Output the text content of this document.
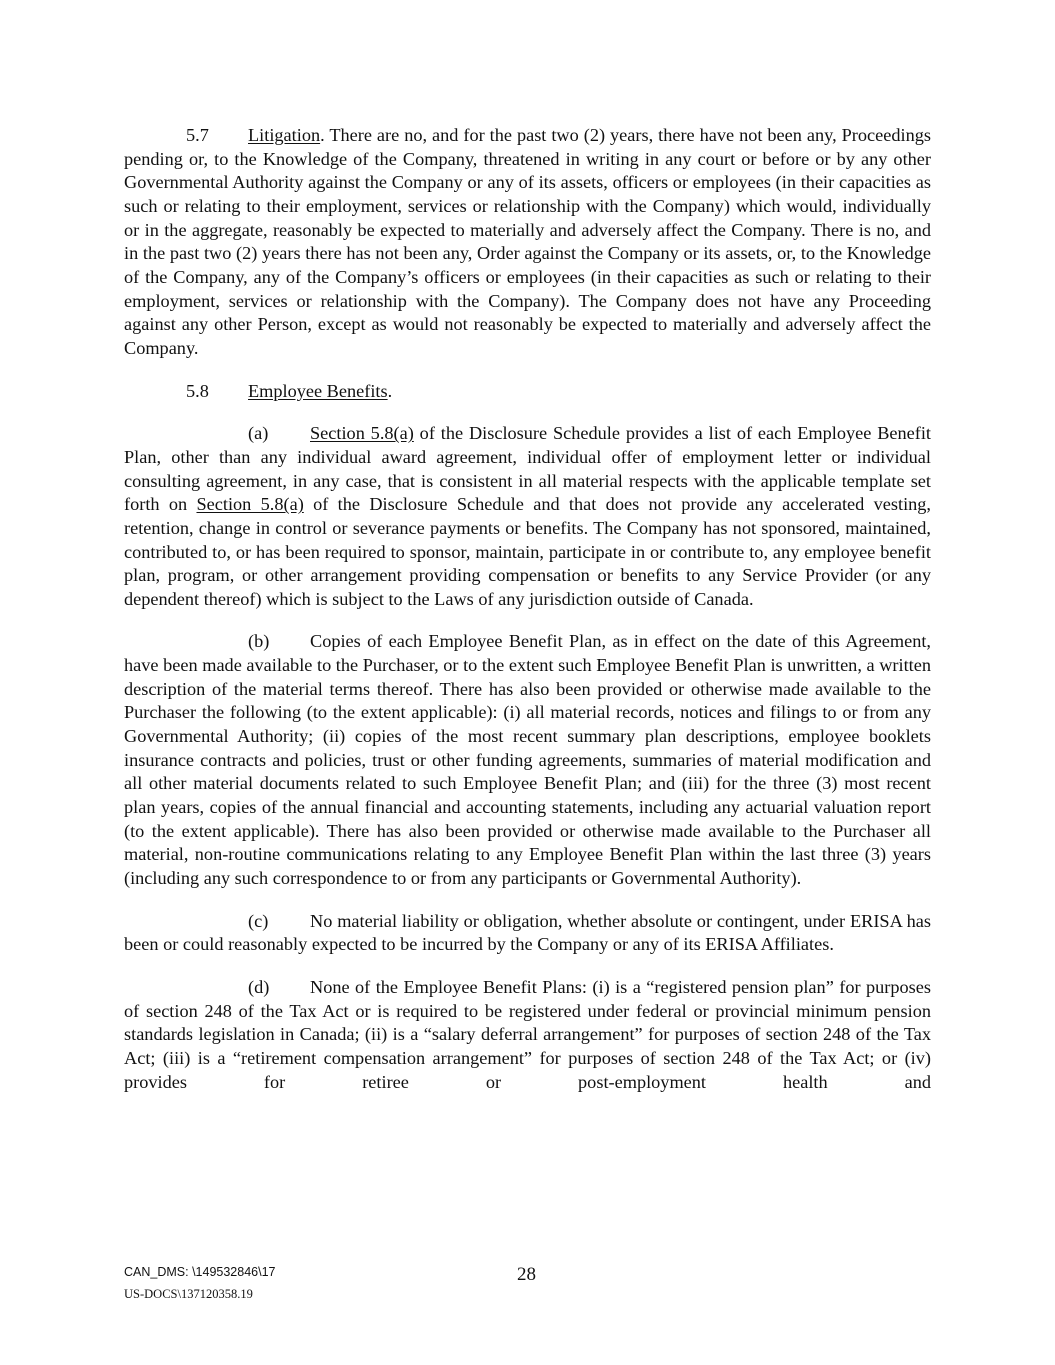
5.7 Litigation. There are no, and for the past two (2) years, there have not been any, Proceedings pending or, to the Knowledge of the Company, threatened in writing in any court or before or by any other Governmental Authority against the Company or any of its assets, officers or employees (in their capacities as such or relating to their employment, services or relationship with the Company) which would, individually or in the aggregate, reasonably be expected to materially and adversely affect the Company. There is no, and in the past two (2) years there has not been any, Order against the Company or its assets, or, to the Knowledge of the Company, any of the Company’s officers or employees (in their capacities as such or relating to their employment, services or relationship with the Company). The Company does not have any Proceeding against any other Person, except as would not reasonably be expected to materially and adversely affect the Company.

5.8 Employee Benefits.

(a) Section 5.8(a) of the Disclosure Schedule provides a list of each Employee Benefit Plan, other than any individual award agreement, individual offer of employment letter or individual consulting agreement, in any case, that is consistent in all material respects with the applicable template set forth on Section 5.8(a) of the Disclosure Schedule and that does not provide any accelerated vesting, retention, change in control or severance payments or benefits. The Company has not sponsored, maintained, contributed to, or has been required to sponsor, maintain, participate in or contribute to, any employee benefit plan, program, or other arrangement providing compensation or benefits to any Service Provider (or any dependent thereof) which is subject to the Laws of any jurisdiction outside of Canada.

(b) Copies of each Employee Benefit Plan, as in effect on the date of this Agreement, have been made available to the Purchaser, or to the extent such Employee Benefit Plan is unwritten, a written description of the material terms thereof. There has also been provided or otherwise made available to the Purchaser the following (to the extent applicable): (i) all material records, notices and filings to or from any Governmental Authority; (ii) copies of the most recent summary plan descriptions, employee booklets insurance contracts and policies, trust or other funding agreements, summaries of material modification and all other material documents related to such Employee Benefit Plan; and (iii) for the three (3) most recent plan years, copies of the annual financial and accounting statements, including any actuarial valuation report (to the extent applicable). There has also been provided or otherwise made available to the Purchaser all material, non-routine communications relating to any Employee Benefit Plan within the last three (3) years (including any such correspondence to or from any participants or Governmental Authority).

(c) No material liability or obligation, whether absolute or contingent, under ERISA has been or could reasonably expected to be incurred by the Company or any of its ERISA Affiliates.

(d) None of the Employee Benefit Plans: (i) is a “registered pension plan” for purposes of section 248 of the Tax Act or is required to be registered under federal or provincial minimum pension standards legislation in Canada; (ii) is a “salary deferral arrangement” for purposes of section 248 of the Tax Act; (iii) is a “retirement compensation arrangement” for purposes of section 248 of the Tax Act; or (iv) provides for retiree or post-employment health and

CAN_DMS: \149532846\17
US-DOCS\137120358.19
28
